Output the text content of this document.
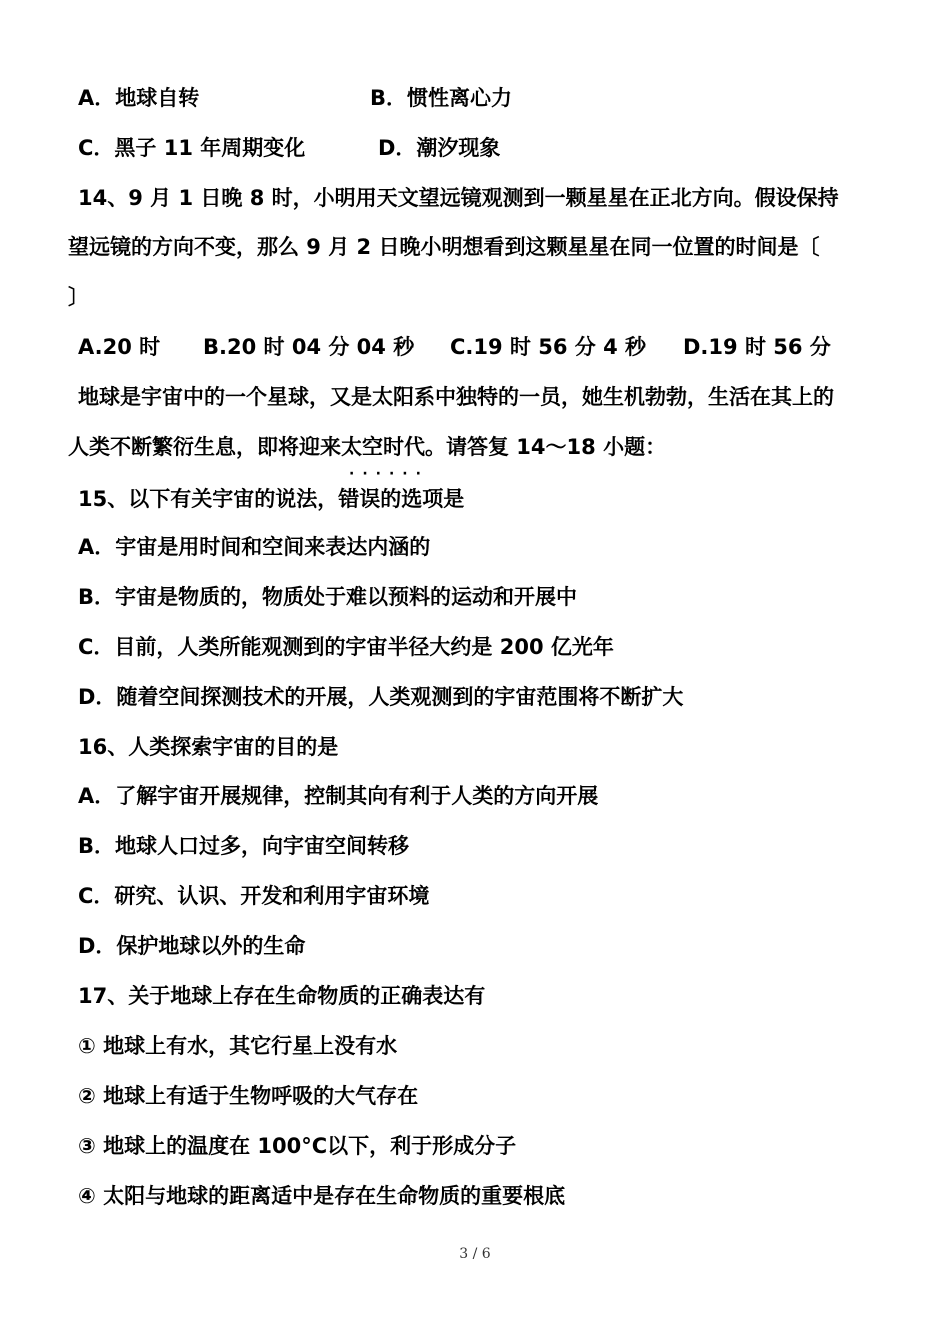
A．地球自转	B．惯性离心力
C．黑子 11 年周期变化	D．潮汐现象
14、9 月 1 日晚 8 时，小明用天文望远镜观测到一颗星星在正北方向。假设保持
望远镜的方向不变，那么 9 月 2 日晚小明想看到这颗星星在同一位置的时间是〔
〕
A.20 时 B.20 时 04 分 04 秒 C.19 时 56 分 4 秒 D.19 时 56 分
地球是宇宙中的一个星球，又是太阳系中独特的一员，她生机勃勃，生活在其上的
人类不断繁衍生息，即将迎来太空时代。请答复 14～18 小题：
······
15、以下有关宇宙的说法，错误的选项是
A．宇宙是用时间和空间来表达内涵的
B．宇宙是物质的，物质处于难以预料的运动和开展中
C．目前，人类所能观测到的宇宙半径大约是 200 亿光年
D．随着空间探测技术的开展，人类观测到的宇宙范围将不断扩大
16、人类探索宇宙的目的是
A．了解宇宙开展规律，控制其向有利于人类的方向开展
B．地球人口过多，向宇宙空间转移
C．研究、认识、开发和利用宇宙环境
D．保护地球以外的生命
17、关于地球上存在生命物质的正确表达有
① 地球上有水，其它行星上没有水
② 地球上有适于生物呼吸的大气存在
③ 地球上的温度在 100°C以下，利于形成分子
④ 太阳与地球的距离适中是存在生命物质的重要根底
3 / 6
